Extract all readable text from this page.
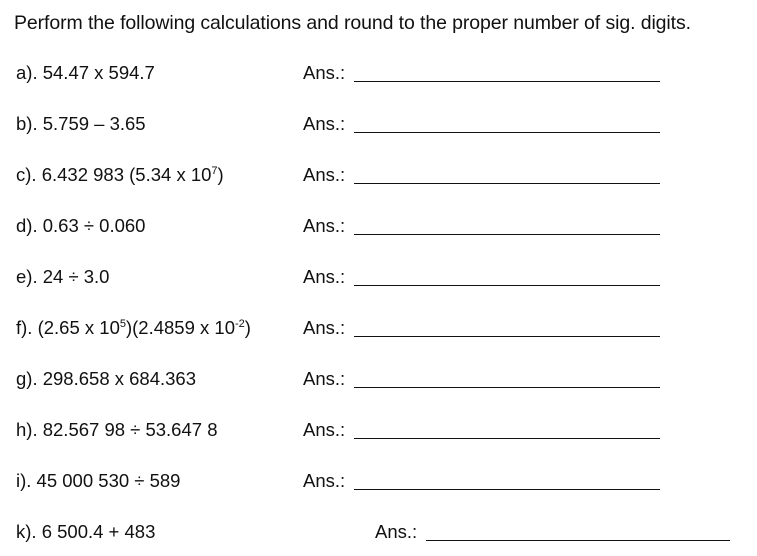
Perform the following calculations and round to the proper number of sig. digits.
a). 54.47 x 594.7	Ans.:
b). 5.759 – 3.65	Ans.:
c). 6.432 983 (5.34 x $10^7$)	Ans.:
d). 0.63 ÷ 0.060	Ans.:
e). 24 ÷ 3.0	Ans.:
f). (2.65 x $10^5)(2.4859$ x $10^{-2}$)	Ans.:
g). 298.658 x 684.363	Ans.:
h). 82.567 98 ÷ 53.647 8	Ans.:
i). 45 000 530 ÷ 589	Ans.:
k). 6 500.4 + 483	Ans.:
